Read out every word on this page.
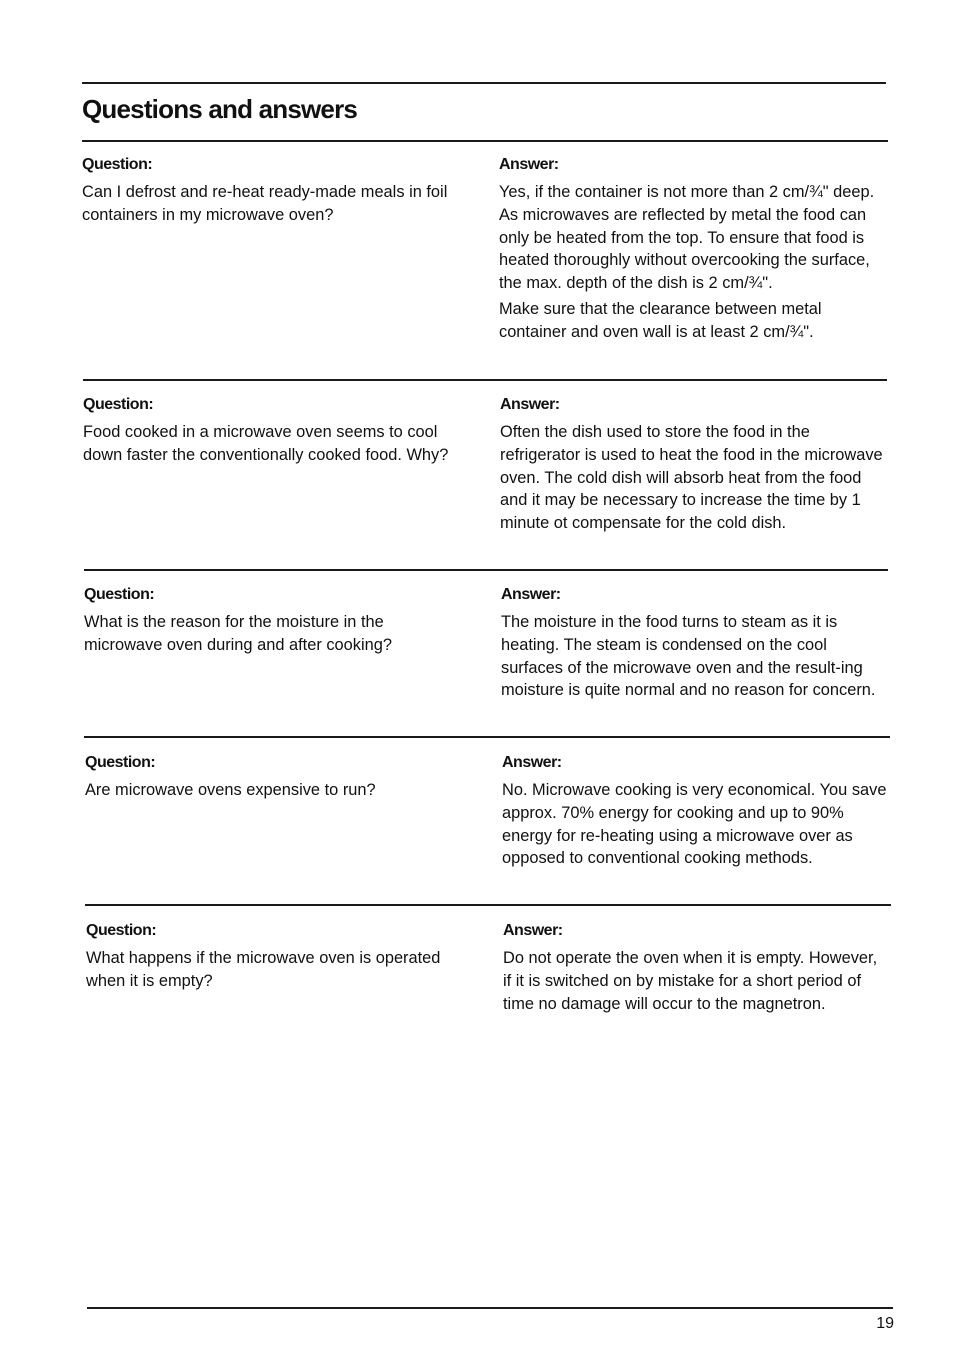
Questions and answers

Question:

Can I defrost and re-heat ready-made meals in foil containers in my microwave oven?

Answer:

Yes, if the container is not more than 2 cm/¾" deep. As microwaves are reflected by metal the food can only be heated from the top. To ensure that food is heated thoroughly without overcooking the surface, the max. depth of the dish is 2 cm/¾".

Make sure that the clearance between metal container and oven wall is at least 2 cm/¾".

Question:

Food cooked in a microwave oven seems to cool down faster the conventionally cooked food. Why?

Answer:

Often the dish used to store the food in the refrigerator is used to heat the food in the microwave oven. The cold dish will absorb heat from the food and it may be necessary to increase the time by 1 minute ot compensate for the cold dish.

Question:

What is the reason for the moisture in the microwave oven during and after cooking?

Answer:

The moisture in the food turns to steam as it is heating. The steam is condensed on the cool surfaces of the microwave oven and the result-ing moisture is quite normal and no reason for concern.

Question:

Are microwave ovens expensive to run?

Answer:

No. Microwave cooking is very economical. You save approx. 70% energy for cooking and up to 90% energy for re-heating using a microwave over as opposed to conventional cooking methods.

Question:

What happens if the microwave oven is operated when it is empty?

Answer:

Do not operate the oven when it is empty. However, if it is switched on by mistake for a short period of time no damage will occur to the magnetron.

19
